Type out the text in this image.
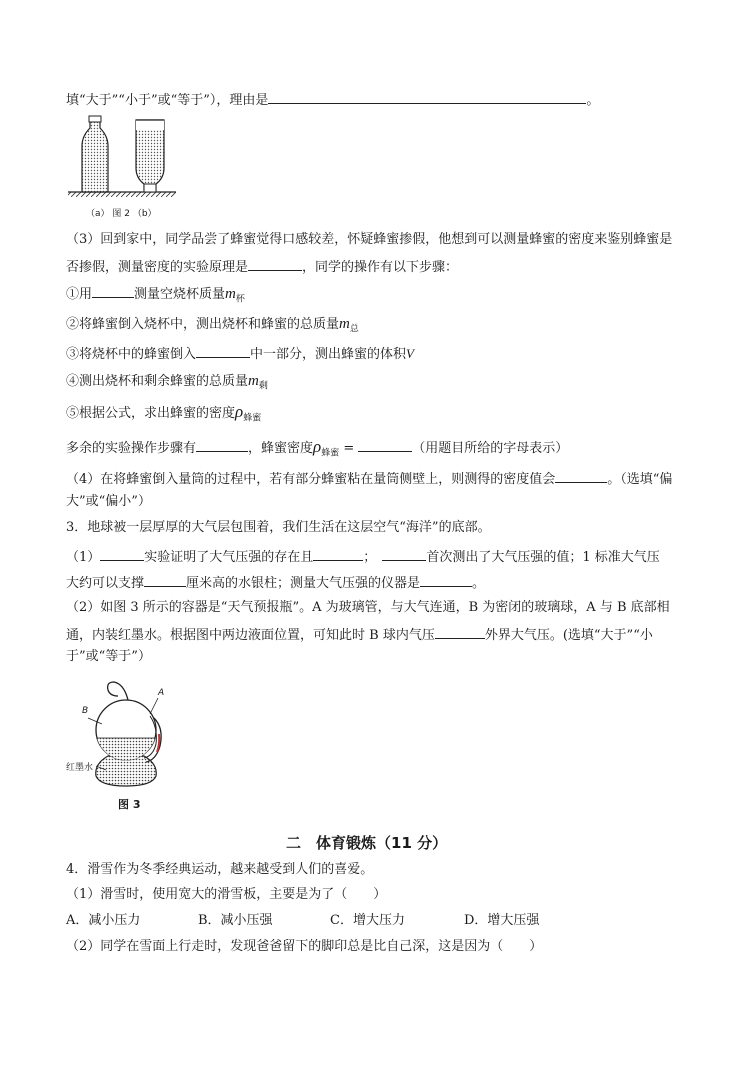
填“大于”“小于”或“等于”），理由是	。
（a） 图 2 （b）
（3）回到家中，同学品尝了蜂蜜觉得口感较差，怀疑蜂蜜掺假，他想到可以测量蜂蜜的密度来鉴别蜂蜜是
否掺假，测量密度的实验原理是	，同学的操作有以下步骤：
①用	测量空烧杯质量$m_杯$
②将蜂蜜倒入烧杯中，测出烧杯和蜂蜜的总质量$m_总$
③将烧杯中的蜂蜜倒入	中一部分，测出蜂蜜的体积V
④测出烧杯和剩余蜂蜜的总质量$m_剩$
⑤根据公式，求出蜂蜜的密度$\rho_{蜂蜜}$
多余的实验操作步骤有	，蜂蜜密度$\rho_{蜂蜜}$ =	（用题目所给的字母表示）
（4）在将蜂蜜倒入量筒的过程中，若有部分蜂蜜粘在量筒侧壁上，则测得的密度值会	。（选填“偏
大”或“偏小”）
3．地球被一层厚厚的大气层包围着，我们生活在这层空气“海洋”的底部。
（1）	实验证明了大气压强的存在且	；	首次测出了大气压强的值；1 标准大气压
大约可以支撑	厘米高的水银柱；测量大气压强的仪器是	。
（2）如图 3 所示的容器是“天气预报瓶”。A 为玻璃管，与大气连通，B 为密闭的玻璃球，A 与 B 底部相
通，内装红墨水。根据图中两边液面位置，可知此时 B 球内气压	外界大气压。(选填“大于”“小
于”或“等于”）
A
B
红墨水
图 3
二　体育锻炼（11 分）
4．滑雪作为冬季经典运动，越来越受到人们的喜爱。
（1）滑雪时，使用宽大的滑雪板，主要是为了（　　）
A．减小压力	B．减小压强	C．增大压力	D．增大压强
（2）同学在雪面上行走时，发现爸爸留下的脚印总是比自己深，这是因为（　　）
